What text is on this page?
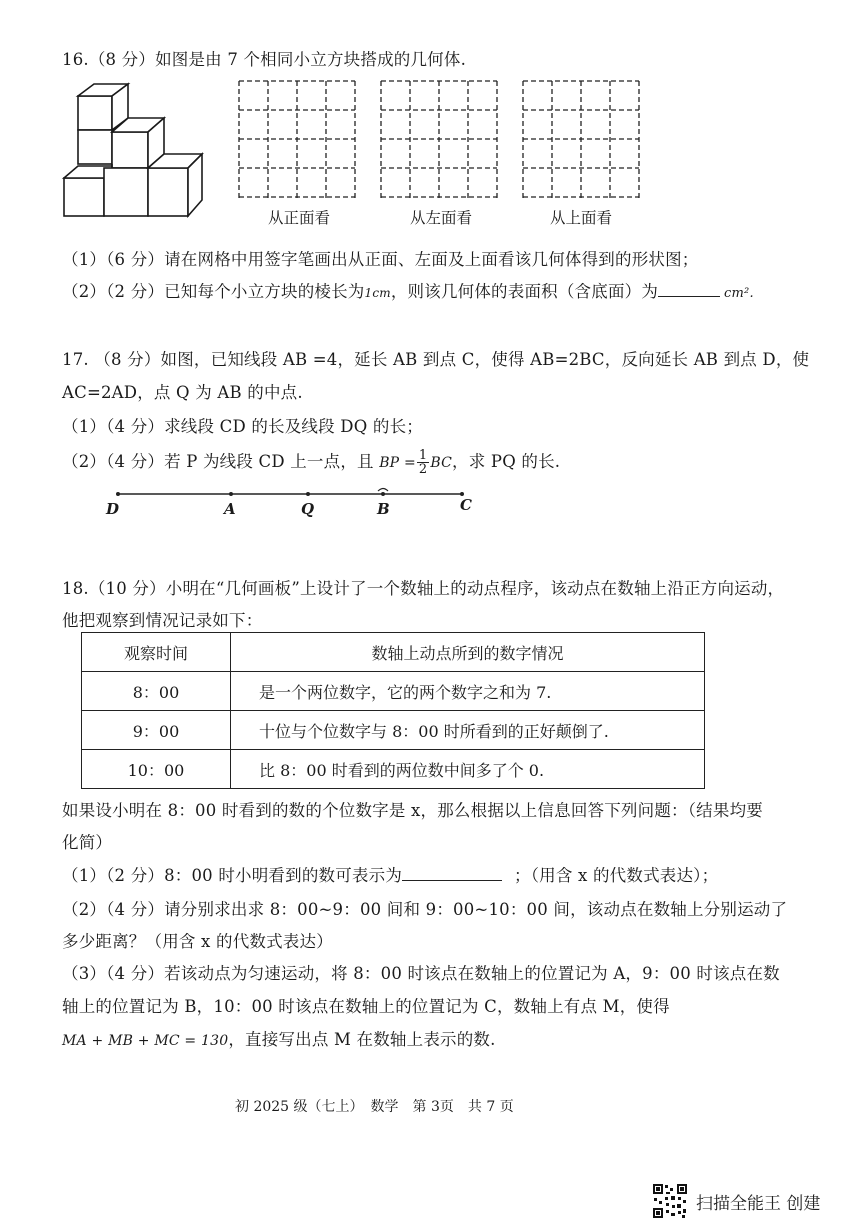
16.（8 分）如图是由 7 个相同小立方块搭成的几何体.
从正面看	从左面看	从上面看
（1）（6 分）请在网格中用签字笔画出从正面、左面及上面看该几何体得到的形状图；
（2）（2 分）已知每个小立方块的棱长为1cm，则该几何体的表面积（含底面）为	cm².
17. （8 分）如图，已知线段 AB =4，延长 AB 到点 C，使得 AB=2BC，反向延长 AB 到点 D，使
AC=2AD，点 Q 为 AB 的中点.
（1）（4 分）求线段 CD 的长及线段 DQ 的长；
（2）（4 分）若 P 为线段 CD 上一点，且 BP = $\frac{1}{2}$ BC，求 PQ 的长.
D	A	Q	B	C
18.（10 分）小明在“几何画板”上设计了一个数轴上的动点程序，该动点在数轴上沿正方向运动，
他把观察到情况记录如下：
观察时间	数轴上动点所到的数字情况
8：00	是一个两位数字，它的两个数字之和为 7.
9：00	十位与个位数字与 8：00 时所看到的正好颠倒了.
10：00	比 8：00 时看到的两位数中间多了个 0.
如果设小明在 8：00 时看到的数的个位数字是 x，那么根据以上信息回答下列问题：（结果均要
化简）
（1）（2 分）8：00 时小明看到的数可表示为	；（用含 x 的代数式表达）；
（2）（4 分）请分别求出求 8：00~9：00 间和 9：00~10：00 间，该动点在数轴上分别运动了
多少距离？（用含 x 的代数式表达）
（3）（4 分）若该动点为匀速运动，将 8：00 时该点在数轴上的位置记为 A，9：00 时该点在数
轴上的位置记为 B，10：00 时该点在数轴上的位置记为 C，数轴上有点 M，使得
MA + MB + MC = 130，直接写出点 M 在数轴上表示的数.
初 2025 级（七上）　数学　第 3页　共 7 页
扫描全能王 创建
